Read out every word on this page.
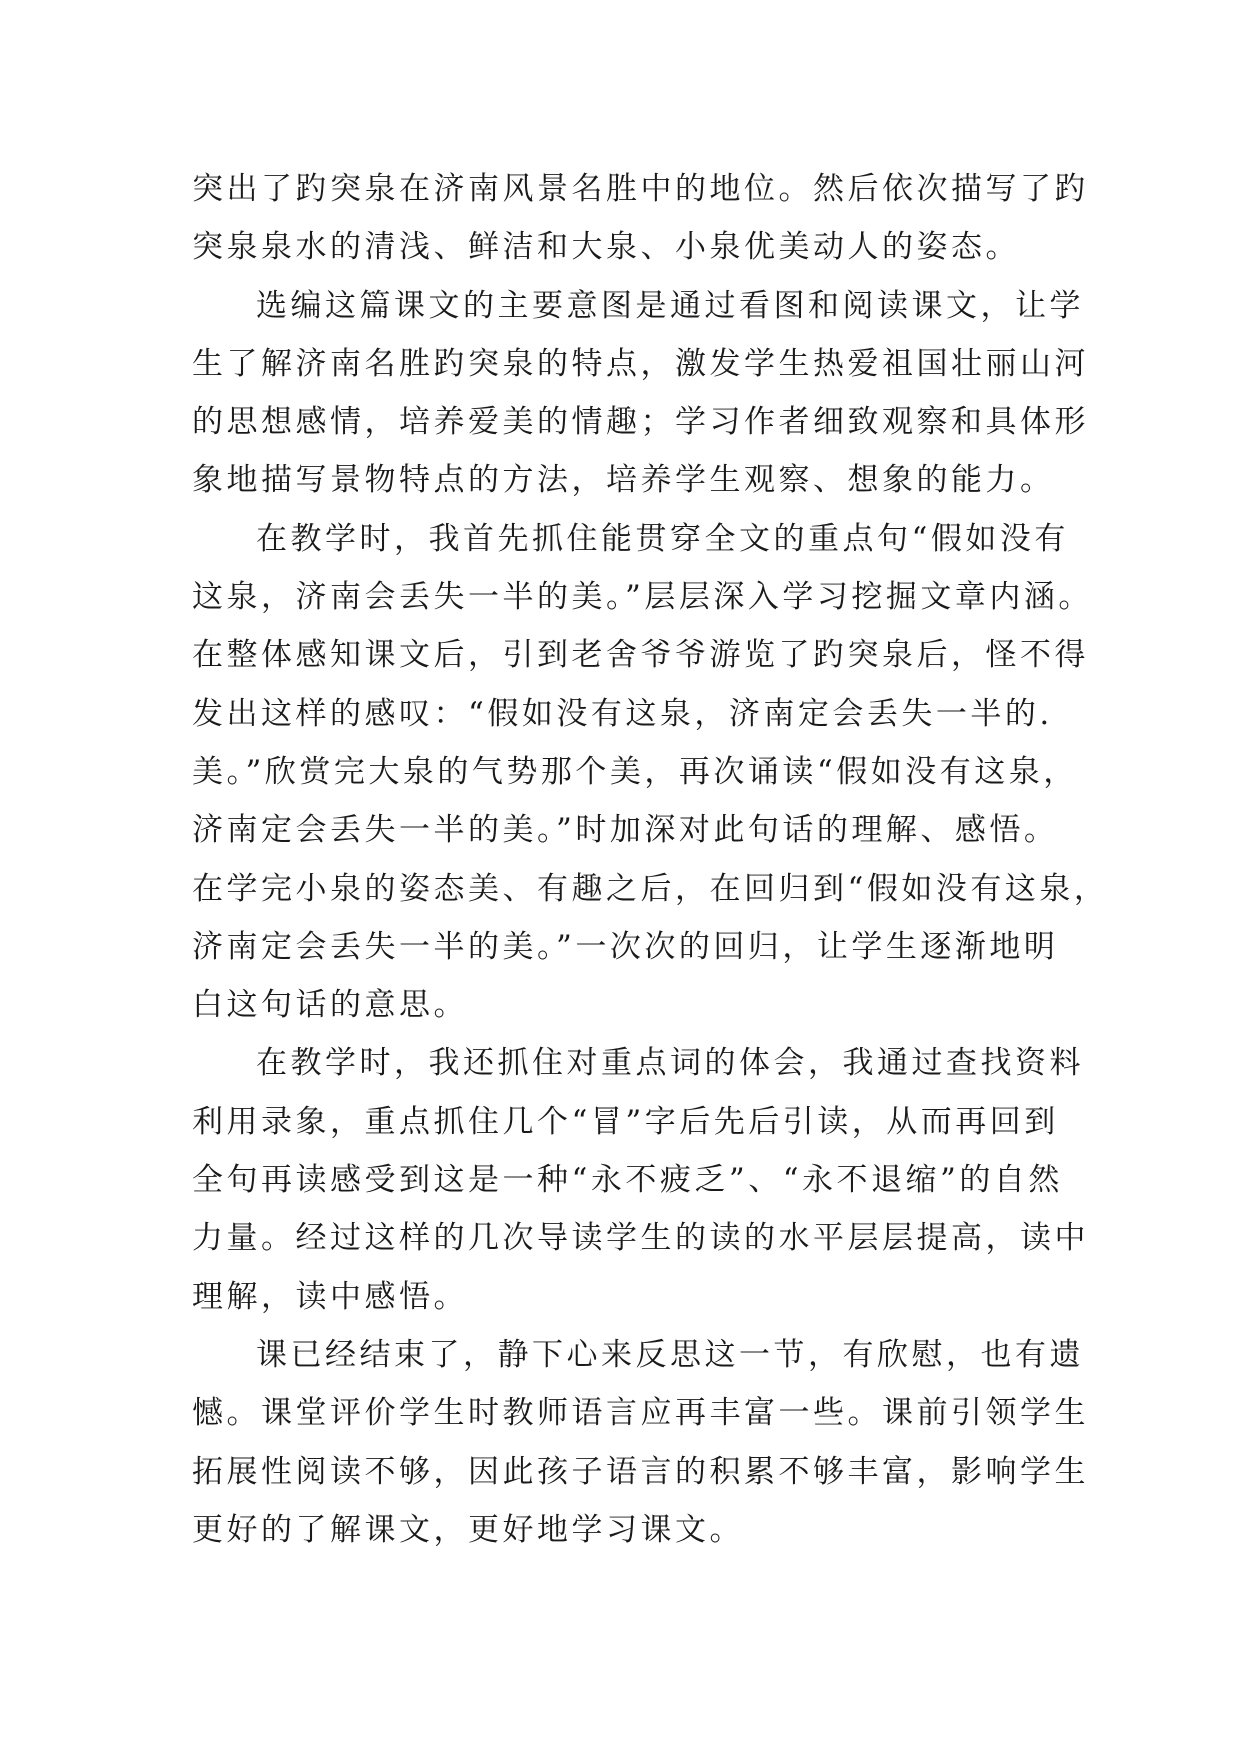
突出了趵突泉在济南风景名胜中的地位。然后依次描写了趵
突泉泉水的清浅、鲜洁和大泉、小泉优美动人的姿态。
选编这篇课文的主要意图是通过看图和阅读课文，让学
生了解济南名胜趵突泉的特点，激发学生热爱祖国壮丽山河
的思想感情，培养爱美的情趣；学习作者细致观察和具体形
象地描写景物特点的方法，培养学生观察、想象的能力。
在教学时，我首先抓住能贯穿全文的重点句“假如没有
这泉，济南会丢失一半的美。”层层深入学习挖掘文章内涵。
在整体感知课文后，引到老舍爷爷游览了趵突泉后，怪不得
发出这样的感叹：“假如没有这泉，济南定会丢失一半的.
美。”欣赏完大泉的气势那个美，再次诵读“假如没有这泉，
济南定会丢失一半的美。”时加深对此句话的理解、感悟。
在学完小泉的姿态美、有趣之后，在回归到“假如没有这泉，
济南定会丢失一半的美。”一次次的回归，让学生逐渐地明
白这句话的意思。
在教学时，我还抓住对重点词的体会，我通过查找资料
利用录象，重点抓住几个“冒”字后先后引读，从而再回到
全句再读感受到这是一种“永不疲乏”、“永不退缩”的自然
力量。经过这样的几次导读学生的读的水平层层提高，读中
理解，读中感悟。
课已经结束了，静下心来反思这一节，有欣慰，也有遗
憾。课堂评价学生时教师语言应再丰富一些。课前引领学生
拓展性阅读不够，因此孩子语言的积累不够丰富，影响学生
更好的了解课文，更好地学习课文。
